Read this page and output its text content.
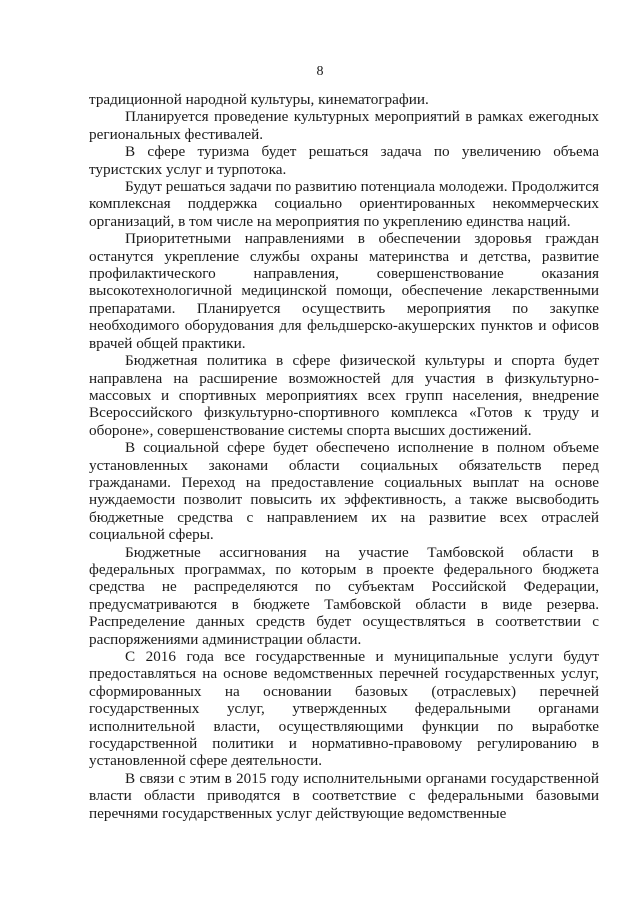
8

традиционной народной культуры, кинематографии.

Планируется проведение культурных мероприятий в рамках ежегодных региональных фестивалей.

В сфере туризма будет решаться задача по увеличению объема туристских услуг и турпотока.

Будут решаться задачи по развитию потенциала молодежи. Продолжится комплексная поддержка социально ориентированных некоммерческих организаций, в том числе на мероприятия по укреплению единства наций.

Приоритетными направлениями в обеспечении здоровья граждан останутся укрепление службы охраны материнства и детства, развитие профилактического направления, совершенствование оказания высокотехнологичной медицинской помощи, обеспечение лекарственными препаратами. Планируется осуществить мероприятия по закупке необходимого оборудования для фельдшерско-акушерских пунктов и офисов врачей общей практики.

Бюджетная политика в сфере физической культуры и спорта будет направлена на расширение возможностей для участия в физкультурно-массовых и спортивных мероприятиях всех групп населения, внедрение Всероссийского физкультурно-спортивного комплекса «Готов к труду и обороне», совершенствование системы спорта высших достижений.

В социальной сфере будет обеспечено исполнение в полном объеме установленных законами области социальных обязательств перед гражданами. Переход на предоставление социальных выплат на основе нуждаемости позволит повысить их эффективность, а также высвободить бюджетные средства с направлением их на развитие всех отраслей социальной сферы.

Бюджетные ассигнования на участие Тамбовской области в федеральных программах, по которым в проекте федерального бюджета средства не распределяются по субъектам Российской Федерации, предусматриваются в бюджете Тамбовской области в виде резерва. Распределение данных средств будет осуществляться в соответствии с распоряжениями администрации области.

С 2016 года все государственные и муниципальные услуги будут предоставляться на основе ведомственных перечней государственных услуг, сформированных на основании базовых (отраслевых) перечней государственных услуг, утвержденных федеральными органами исполнительной власти, осуществляющими функции по выработке государственной политики и нормативно-правовому регулированию в установленной сфере деятельности.

В связи с этим в 2015 году исполнительными органами государственной власти области приводятся в соответствие с федеральными базовыми перечнями государственных услуг действующие ведомственные
